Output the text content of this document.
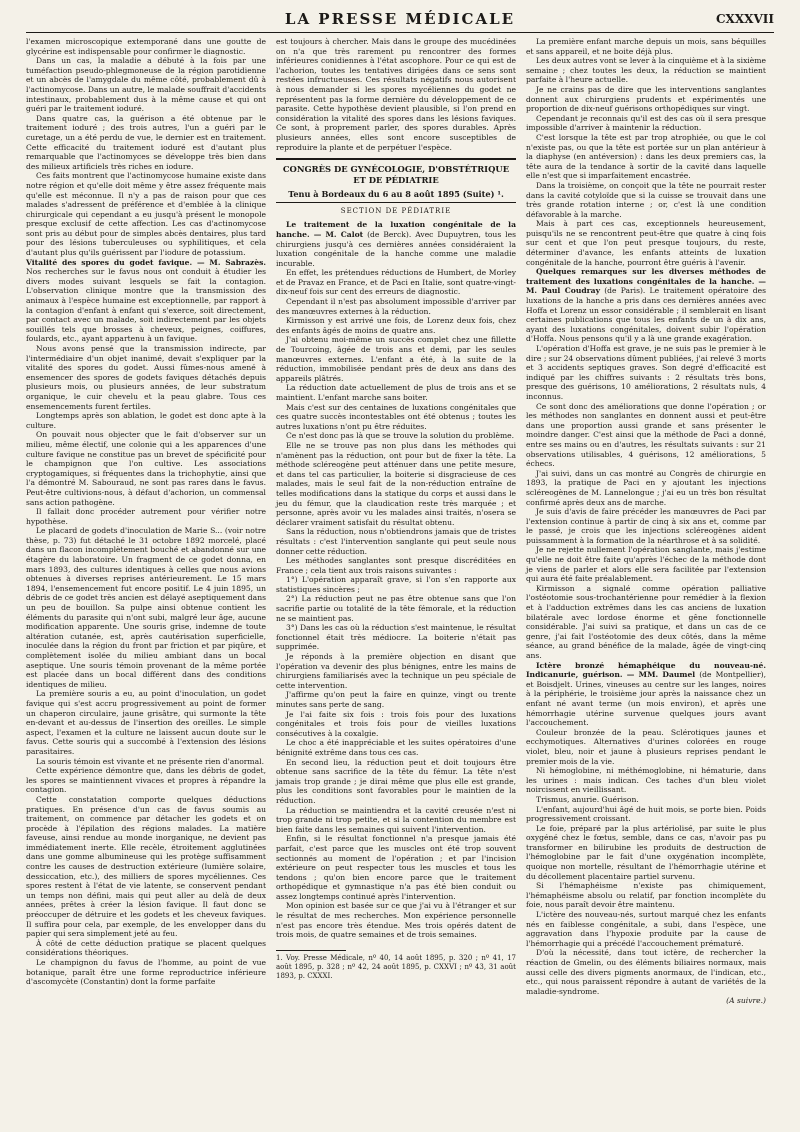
LA PRESSE MÉDICALE	CXXXVII

l'examen microscopique extemporané dans une goutte de glycérine est indispensable pour confirmer le diagnostic.

Dans un cas, la maladie a débuté à la fois par une tuméfaction pseudo-phlegmoneuse de la région parotidienne et un abcès de l'amygdale du même côté, probablement dû à l'actinomycose. Dans un autre, le malade souffrait d'accidents intestinaux, probablement dus à la même cause et qui ont guéri par le traitement ioduré.

Dans quatre cas, la guérison a été obtenue par le traitement ioduré ; des trois autres, l'un a guéri par le curetage, un a été perdu de vue, le dernier est en traitement. Cette efficacité du traitement ioduré est d'autant plus remarquable que l'actinomyces se développe très bien dans des milieux artificiels très riches en iodure.

Ces faits montrent que l'actinomycose humaine existe dans notre région et qu'elle doit même y être assez fréquente mais qu'elle est méconnue. Il n'y a pas de raison pour que ces malades s'adressent de préférence et d'emblée à la clinique chirurgicale qui cependant a eu jusqu'à présent le monopole presque exclusif de cette affection. Les cas d'actinomycose sont pris au début pour de simples abcès dentaires, plus tard pour des lésions tuberculeuses ou syphilitiques, et cela d'autant plus qu'ils guérissent par l'iodure de potassium.

Vitalité des spores du godet favique. — M. Sabrazès. Nos recherches sur le favus nous ont conduit à étudier les divers modes suivant lesquels se fait la contagion. L'observation clinique montre que la transmission des animaux à l'espèce humaine est exceptionnelle, par rapport à la contagion d'enfant à enfant qui s'exerce, soit directement, par contact avec un malade, soit indirectement par les objets souillés tels que brosses à cheveux, peignes, coiffures, foulards, etc., ayant appartenu à un favique.

Nous avons pensé que la transmission indirecte, par l'intermédiaire d'un objet inanimé, devait s'expliquer par la vitalité des spores du godet. Aussi fûmes-nous amené à ensemencer des spores de godets faviques détachés depuis plusieurs mois, ou plusieurs années, de leur substratum organique, le cuir chevelu et la peau glabre. Tous ces ensemencements furent fertiles.

Longtemps après son ablation, le godet est donc apte à la culture.

On pouvait nous objecter que le fait d'observer sur un milieu, même électif, une colonie qui a les apparences d'une culture favique ne constitue pas un brevet de spécificité pour le champignon que l'on cultive. Les associations cryptogamiques, si fréquentes dans la trichophytie, ainsi que l'a démontré M. Sabouraud, ne sont pas rares dans le favus. Peut-être cultivions-nous, à défaut d'achorion, un commensal sans action pathogène.

Il fallait donc procéder autrement pour vérifier notre hypothèse.

Le placard de godets d'inoculation de Marie S... (voir notre thèse, p. 73) fut détaché le 31 octobre 1892 morcelé, placé dans un flacon incomplètement bouché et abandonné sur une étagère du laboratoire. Un fragment de ce godet donna, en mars 1893, des cultures identiques à celles que nous avions obtenues à diverses reprises antérieurement. Le 15 mars 1894, l'ensemencement fut encore positif. Le 4 juin 1895, un débris de ce godet très ancien est délayé aseptiquement dans un peu de bouillon. Sa pulpe ainsi obtenue contient les éléments du parasite qui n'ont subi, malgré leur âge, aucune modification apparente. Une souris grise, indemne de toute altération cutanée, est, après cautérisation superficielle, inoculée dans la région du front par friction et par piqûre, et complètement isolée du milieu ambiant dans un bocal aseptique. Une souris témoin provenant de la même portée est placée dans un bocal différent dans des conditions identiques de milieu.

La première souris a eu, au point d'inoculation, un godet favique qui s'est accru progressivement au point de former un chaperon circulaire, jaune grisâtre, qui surmonte la tête en-devant et au-dessus de l'insertion des oreilles. Le simple aspect, l'examen et la culture ne laissent aucun doute sur le favus. Cette souris qui a succombé à l'extension des lésions parasitaires.

La souris témoin est vivante et ne présente rien d'anormal.

Cette expérience démontre que, dans les débris de godet, les spores se maintiennent vivaces et propres à répandre la contagion.

Cette constatation comporte quelques déductions pratiques. En présence d'un cas de favus soumis au traitement, on commence par détacher les godets et on procède à l'épilation des régions malades. La matière faveuse, ainsi rendue au monde inorganique, ne devient pas immédiatement inerte. Elle recèle, étroitement agglutinées dans une gomme albumineuse qui les protège suffisamment contre les causes de destruction extérieure (lumière solaire, dessiccation, etc.), des milliers de spores mycéliennes. Ces spores restent à l'état de vie latente, se conservent pendant un temps non défini, mais qui peut aller au delà de deux années, prêtes à créer la lésion favique. Il faut donc se préoccuper de détruire et les godets et les cheveux faviques. Il suffira pour cela, par exemple, de les envelopper dans du papier qui sera simplement jeté au feu.

À côté de cette déduction pratique se placent quelques considérations théoriques.

Le champignon du favus de l'homme, au point de vue botanique, paraît être une forme reproductrice inférieure d'ascomycète (Constantin) dont la forme parfaite

est toujours à chercher. Mais dans le groupe des mucédinées on n'a que très rarement pu rencontrer des formes inférieures conidiennes à l'état ascophore. Pour ce qui est de l'achorion, toutes les tentatives dirigées dans ce sens sont restées infructueuses. Ces résultats négatifs nous autorisent à nous demander si les spores mycéliennes du godet ne représentent pas la forme dernière du développement de ce parasite. Cette hypothèse devient plausible, si l'on prend en considération la vitalité des spores dans les lésions faviques. Ce sont, à proprement parler, des spores durables. Après plusieurs années, elles sont encore susceptibles de reproduire la plante et de perpétuer l'espèce.

CONGRÈS DE GYNÉCOLOGIE, D'OBSTÉTRIQUE ET DE PÉDIATRIE
Tenu à Bordeaux du 6 au 8 août 1895 (Suite) ¹.
SECTION DE PÉDIATRIE

Le traitement de la luxation congénitale de la hanche. — M. Calot (de Berck). Avec Dupuytren, tous les chirurgiens jusqu'à ces dernières années considéraient la luxation congénitale de la hanche comme une maladie incurable.

En effet, les prétendues réductions de Humbert, de Morley et de Pravaz en France, et de Paci en Italie, sont quatre-vingt-dix-neuf fois sur cent des erreurs de diagnostic.

Cependant il n'est pas absolument impossible d'arriver par des manœuvres externes à la réduction.

Kirmisson y est arrivé une fois, de Lorenz deux fois, chez des enfants âgés de moins de quatre ans.

J'ai obtenu moi-même un succès complet chez une fillette de Tourcoing, âgée de trois ans et demi, par les seules manœuvres externes. L'enfant a été, à la suite de la réduction, immobilisée pendant près de deux ans dans des appareils plâtrés.

La réduction date actuellement de plus de trois ans et se maintient. L'enfant marche sans boiter.

Mais c'est sur des centaines de luxations congénitales que ces quatre succès incontestables ont été obtenus ; toutes les autres luxations n'ont pu être réduites.

Ce n'est donc pas là que se trouve la solution du problème.

Elle ne se trouve pas non plus dans les méthodes qui n'amènent pas la réduction, ont pour but de fixer la tête. La méthode scléreogène peut atténuer dans une petite mesure, et dans tel cas particulier, la boiterie si disgracieuse de ces malades, mais le seul fait de la non-réduction entraîne de telles modifications dans la statique du corps et aussi dans le jeu du fémur, que la claudication reste très marquée ; et personne, après avoir vu les malades ainsi traités, n'osera se déclarer vraiment satisfait du résultat obtenu.

Sans la réduction, nous n'obtiendrons jamais que de tristes résultats : c'est l'intervention sanglante qui peut seule nous donner cette réduction.

Les méthodes sanglantes sont presque discréditées en France ; cela tient aux trois raisons suivantes :

1°) L'opération apparaît grave, si l'on s'en rapporte aux statistiques sincères ;

2°) La réduction peut ne pas être obtenue sans que l'on sacrifie partie ou totalité de la tête fémorale, et la réduction ne se maintient pas.

3°) Dans les cas où la réduction s'est maintenue, le résultat fonctionnel était très médiocre. La boiterie n'était pas supprimée.

Je réponds à la première objection en disant que l'opération va devenir des plus bénignes, entre les mains de chirurgiens familiarisés avec la technique un peu spéciale de cette intervention.

J'affirme qu'on peut la faire en quinze, vingt ou trente minutes sans perte de sang.

Je l'ai faite six fois : trois fois pour des luxations congénitales et trois fois pour de vieilles luxations consécutives à la coxalgie.

Le choc a été inappréciable et les suites opératoires d'une bénignité extrême dans tous ces cas.

En second lieu, la réduction peut et doit toujours être obtenue sans sacrifice de la tête du fémur. La tête n'est jamais trop grande ; je dirai même que plus elle est grande, plus les conditions sont favorables pour le maintien de la réduction.

La réduction se maintiendra et la cavité creusée n'est ni trop grande ni trop petite, et si la contention du membre est bien faite dans les semaines qui suivent l'intervention.

Enfin, si le résultat fonctionnel n'a presque jamais été parfait, c'est parce que les muscles ont été trop souvent sectionnés au moment de l'opération ; et par l'incision extérieure on peut respecter tous les muscles et tous les tendons ; qu'on bien encore parce que le traitement orthopédique et gymnastique n'a pas été bien conduit ou assez longtemps continué après l'intervention.

Mon opinion est basée sur ce que j'ai vu à l'étranger et sur le résultat de mes recherches. Mon expérience personnelle n'est pas encore très étendue. Mes trois opérés datent de trois mois, de quatre semaines et de trois semaines.

1. Voy. Presse Médicale, nº 40, 14 août 1895, p. 320 ; nº 41, 17 août 1895, p. 328 ; nº 42, 24 août 1895, p. CXXVI ; nº 43, 31 août 1893, p. CXXXI.

La première enfant marche depuis un mois, sans béquilles et sans appareil, et ne boite déjà plus.

Les deux autres vont se lever à la cinquième et à la sixième semaine ; chez toutes les deux, la réduction se maintient parfaite à l'heure actuelle.

Je ne crains pas de dire que les interventions sanglantes donnent aux chirurgiens prudents et expérimentés une proportion de dix-neuf guérisons orthopédiques sur vingt.

Cependant je reconnais qu'il est des cas où il sera presque impossible d'arriver à maintenir la réduction.

C'est lorsque la tête est par trop atrophiée, ou que le col n'existe pas, ou que la tête est portée sur un plan antérieur à la diaphyse (en antéversion) : dans les deux premiers cas, la tête aura de la tendance à sortir de la cavité dans laquelle elle n'est que si imparfaitement encastrée.

Dans la troisième, on conçoit que la tête ne pourrait rester dans la cavité cotyloïde que si la cuisse se trouvait dans une très grande rotation interne ; or, c'est là une condition défavorable à la marche.

Mais à part ces cas, exceptionnels heureusement, puisqu'ils ne se rencontrent peut-être que quatre à cinq fois sur cent et que l'on peut presque toujours, du reste, déterminer d'avance, les enfants atteints de luxation congénitale de la hanche, pourront être guéris à l'avenir.

Quelques remarques sur les diverses méthodes de traitement des luxations congénitales de la hanche. — M. Paul Coudray (de Paris). Le traitement opératoire des luxations de la hanche a pris dans ces dernières années avec Hoffa et Lorenz un essor considérable ; il semblerait en lisant certaines publications que tous les enfants de un à dix ans, ayant des luxations congénitales, doivent subir l'opération d'Hoffa. Nous pensons qu'il y a là une grande exagération.

L'opération d'Hoffa est grave, je ne suis pas le premier à le dire ; sur 24 observations dûment publiées, j'ai relevé 3 morts et 3 accidents septiques graves. Son degré d'efficacité est indiqué par les chiffres suivants : 2 résultats très bons, presque des guérisons, 10 améliorations, 2 résultats nuls, 4 inconnus.

Ce sont donc des améliorations que donne l'opération ; or les méthodes non sanglantes en donnent aussi et peut-être dans une proportion aussi grande et sans présenter le moindre danger. C'est ainsi que la méthode de Paci a donné, entre ses mains ou en d'autres, les résultats suivants : sur 21 observations utilisables, 4 guérisons, 12 améliorations, 5 échecs.

J'ai suivi, dans un cas montré au Congrès de chirurgie en 1893, la pratique de Paci en y ajoutant les injections scléreogènes de M. Lannelongue ; j'ai eu un très bon résultat confirmé après deux ans de marche.

Je suis d'avis de faire précéder les manœuvres de Paci par l'extension continue à partir de cinq à six ans et, comme par le passé, je crois que les injections scléreogènes aident puissamment à la formation de la néarthrose et à sa solidité.

Je ne rejette nullement l'opération sanglante, mais j'estime qu'elle ne doit être faite qu'après l'échec de la méthode dont je viens de parler et alors elle sera facilitée par l'extension qui aura été faite préalablement.

Kirmisson a signalé comme opération palliative l'ostéotomie sous-trochantérienne pour remédier à la flexion et à l'adduction extrêmes dans les cas anciens de luxation bilatérale avec lordose énorme et gêne fonctionnelle considérable. J'ai suivi sa pratique, et dans un cas de ce genre, j'ai fait l'ostéotomie des deux côtés, dans la même séance, au grand bénéfice de la malade, âgée de vingt-cinq ans.

Ictère bronzé hémaphéique du nouveau-né. Indicanurie, guérison. — MM. Daumel (de Montpellier), et Boisdjelt. Urines, vineuses au centre sur les langes, noires à la périphérie, le troisième jour après la naissance chez un enfant né avant terme (un mois environ), et après une hémorrhagie utérine survenue quelques jours avant l'accouchement.

Couleur bronzée de la peau. Sclérotiques jaunes et ecchymotiques. Alternatives d'urines colorées en rouge violet, bleu, noir et jaune à plusieurs reprises pendant le premier mois de la vie.

Ni hémoglobine, ni méthémoglobine, ni hématurie, dans les urines : mais indican. Ces taches d'un bleu violet noircissent en vieillissant.

Trismus, anurie. Guérison.

L'enfant, aujourd'hui âgé de huit mois, se porte bien. Poids progressivement croissant.

Le foie, préparé par la plus artériolisé, par suite le plus oxygéné chez le fœtus, semble, dans ce cas, n'avoir pas pu transformer en bilirubine les produits de destruction de l'hémoglobine par le fait d'une oxygénation incomplète, quoique non mortelle, résultant de l'hémorrhagie utérine et du décollement placentaire partiel survenu.

Si l'hémaphéisme n'existe pas chimiquement, l'hémaphéisme absolu ou relatif, par fonction incomplète du foie, nous paraît devoir être maintenu.

L'ictère des nouveau-nés, surtout marqué chez les enfants nés en faiblesse congénitale, a subi, dans l'espèce, une aggravation dans l'hypoxie produite par la cause de l'hémorrhagie qui a précédé l'accouchement prématuré.

D'où la nécessité, dans tout ictère, de rechercher la réaction de Gmelin, ou des éléments biliaires normaux, mais aussi celle des divers pigments anormaux, de l'indican, etc., etc., qui nous paraissent répondre à autant de variétés de la maladie-syndrome.

(A suivre.)
